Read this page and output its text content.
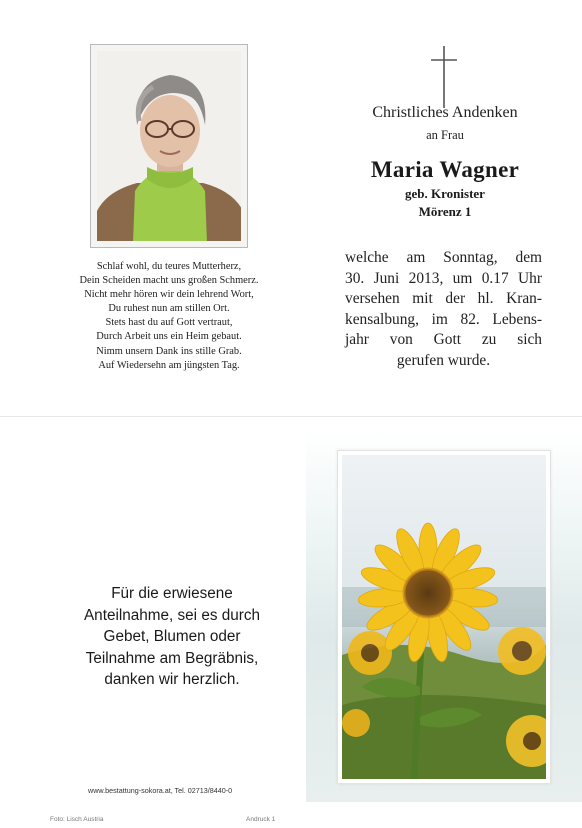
Schlaf wohl, du teures Mutterherz,
Dein Scheiden macht uns großen Schmerz.
Nicht mehr hören wir dein lehrend Wort,
Du ruhest nun am stillen Ort.
Stets hast du auf Gott vertraut,
Durch Arbeit uns ein Heim gebaut.
Nimm unsern Dank ins stille Grab.
Auf Wiedersehn am jüngsten Tag.
Christliches Andenken
an Frau
Maria Wagner
geb. Kronister
Mörenz 1
welche am Sonntag, dem
30. Juni 2013, um 0.17 Uhr
versehen mit der hl. Kran-
kensalbung, im 82. Lebens-
jahr von Gott zu sich
gerufen wurde.
Für die erwiesene
Anteilnahme, sei es durch
Gebet, Blumen oder
Teilnahme am Begräbnis,
danken wir herzlich.
www.bestattung-sokora.at, Tel. 02713/8440-0
Foto: Lisch Austria	Andruck 1
